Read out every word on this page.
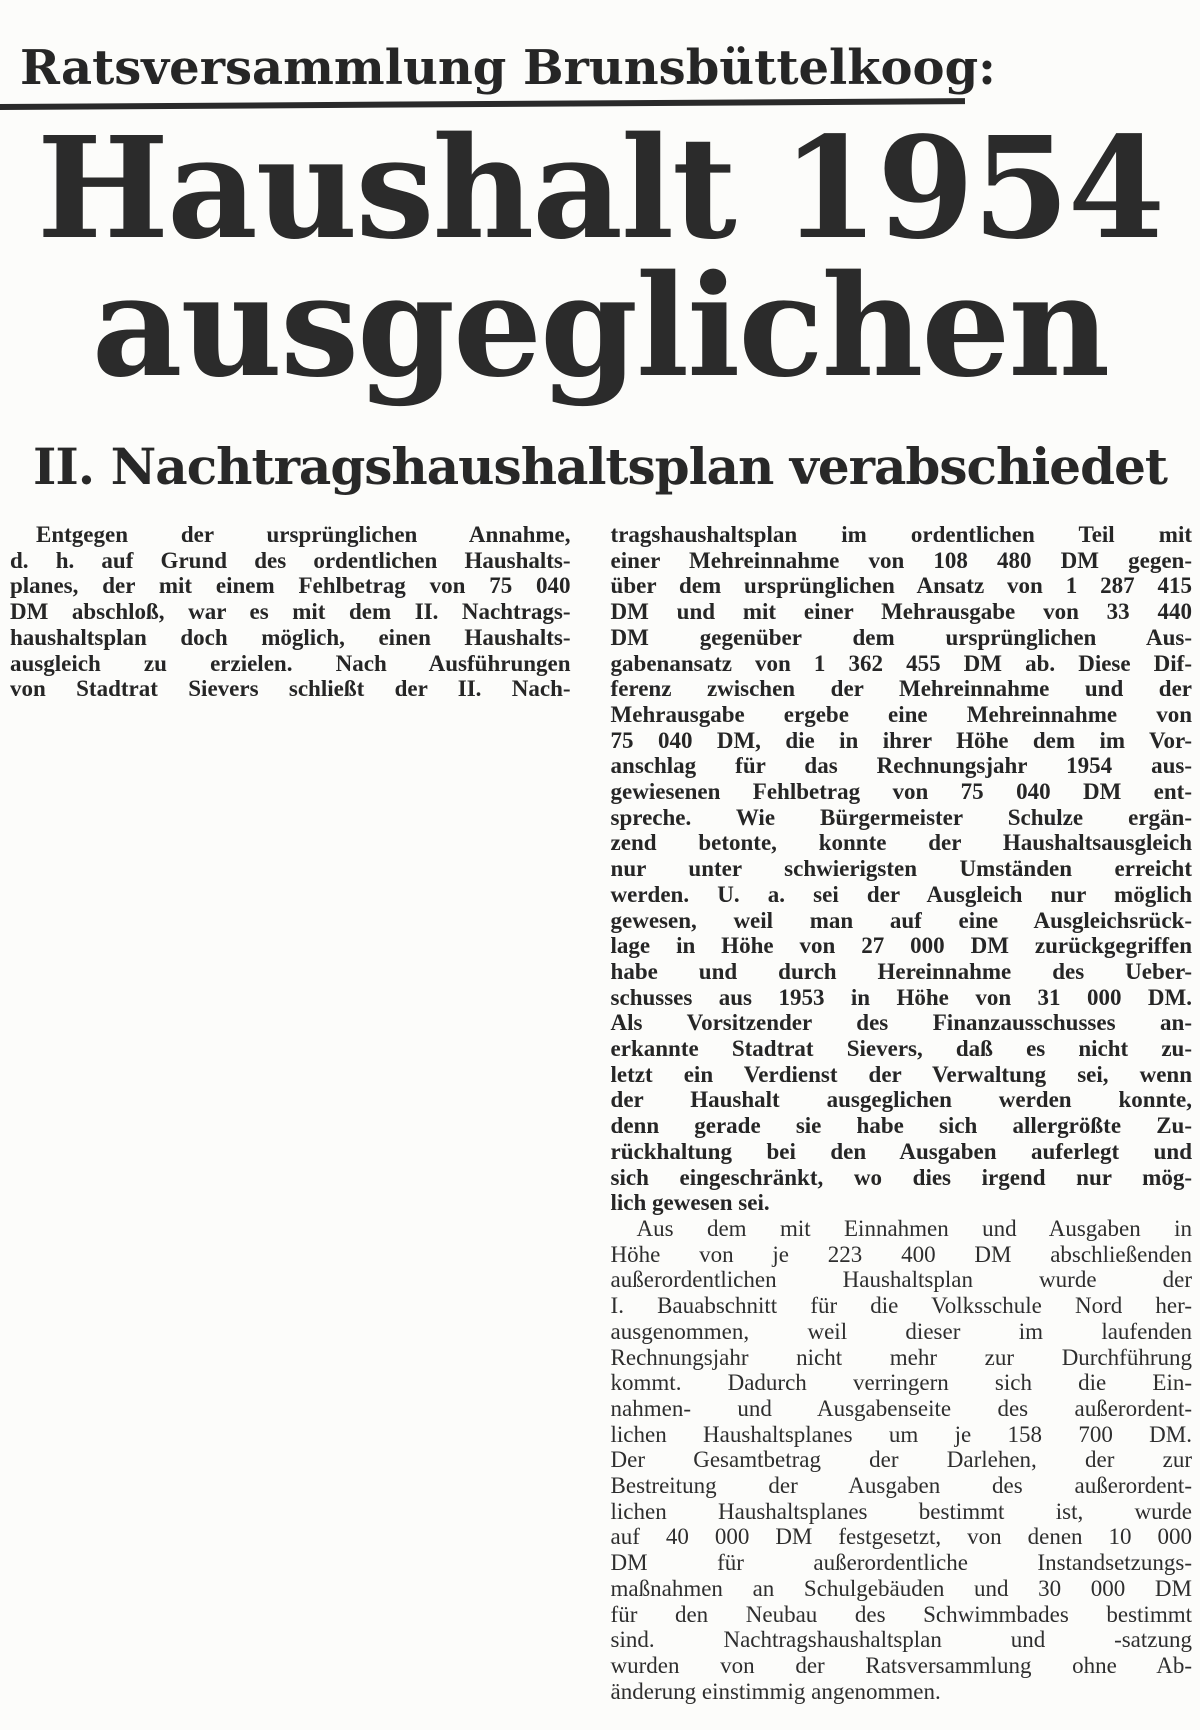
Ratsversammlung Brunsbüttelkoog:
Haushalt 1954
ausgeglichen
II. Nachtragshaushaltsplan verabschiedet
Entgegen der ursprünglichen Annahme,
d. h. auf Grund des ordentlichen Haushalts-
planes, der mit einem Fehlbetrag von 75 040
DM abschloß, war es mit dem II. Nachtrags-
haushaltsplan doch möglich, einen Haushalts-
ausgleich zu erzielen. Nach Ausführungen
von Stadtrat Sievers schließt der II. Nach-
tragshaushaltsplan im ordentlichen Teil mit
einer Mehreinnahme von 108 480 DM gegen-
über dem ursprünglichen Ansatz von 1 287 415
DM und mit einer Mehrausgabe von 33 440
DM gegenüber dem ursprünglichen Aus-
gabenansatz von 1 362 455 DM ab. Diese Dif-
ferenz zwischen der Mehreinnahme und der
Mehrausgabe ergebe eine Mehreinnahme von
75 040 DM, die in ihrer Höhe dem im Vor-
anschlag für das Rechnungsjahr 1954 aus-
gewiesenen Fehlbetrag von 75 040 DM ent-
spreche. Wie Bürgermeister Schulze ergän-
zend betonte, konnte der Haushaltsausgleich
nur unter schwierigsten Umständen erreicht
werden. U. a. sei der Ausgleich nur möglich
gewesen, weil man auf eine Ausgleichsrück-
lage in Höhe von 27 000 DM zurückgegriffen
habe und durch Hereinnahme des Ueber-
schusses aus 1953 in Höhe von 31 000 DM.
Als Vorsitzender des Finanzausschusses an-
erkannte Stadtrat Sievers, daß es nicht zu-
letzt ein Verdienst der Verwaltung sei, wenn
der Haushalt ausgeglichen werden konnte,
denn gerade sie habe sich allergrößte Zu-
rückhaltung bei den Ausgaben auferlegt und
sich eingeschränkt, wo dies irgend nur mög-
lich gewesen sei.
Aus dem mit Einnahmen und Ausgaben in
Höhe von je 223 400 DM abschließenden
außerordentlichen Haushaltsplan wurde der
I. Bauabschnitt für die Volksschule Nord her-
ausgenommen, weil dieser im laufenden
Rechnungsjahr nicht mehr zur Durchführung
kommt. Dadurch verringern sich die Ein-
nahmen- und Ausgabenseite des außerordent-
lichen Haushaltsplanes um je 158 700 DM.
Der Gesamtbetrag der Darlehen, der zur
Bestreitung der Ausgaben des außerordent-
lichen Haushaltsplanes bestimmt ist, wurde
auf 40 000 DM festgesetzt, von denen 10 000
DM für außerordentliche Instandsetzungs-
maßnahmen an Schulgebäuden und 30 000 DM
für den Neubau des Schwimmbades bestimmt
sind. Nachtragshaushaltsplan und -satzung
wurden von der Ratsversammlung ohne Ab-
änderung einstimmig angenommen.
